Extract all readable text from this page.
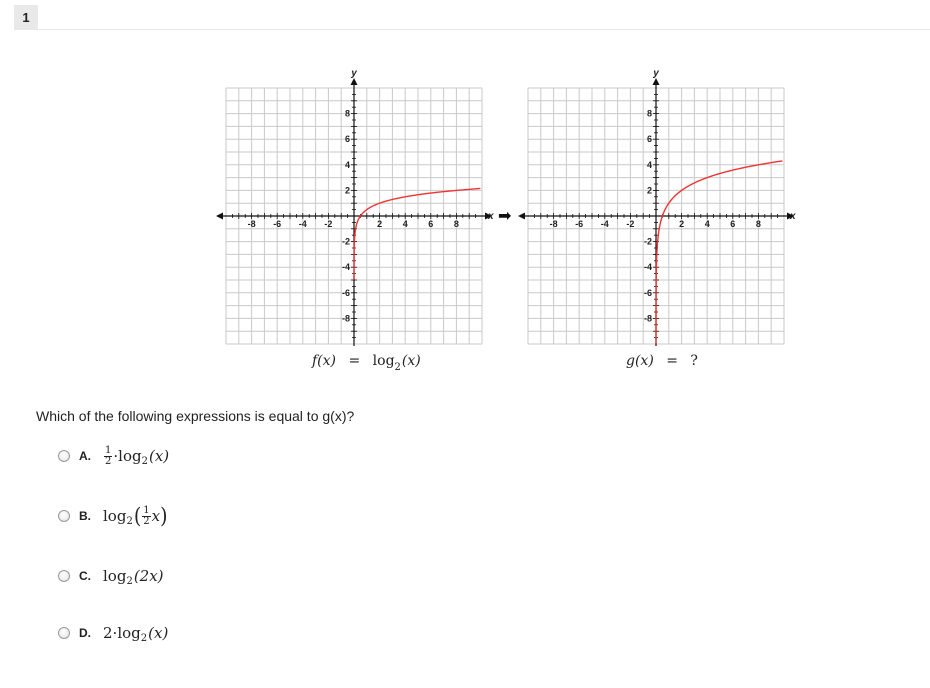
1
-8 -6 -4 -2	2 4 6 8
8
6
4
2
-2
-4
-6
-8
x
y
-8 -6 -4 -2	2 4 6 8
8
6
4
2
-2
-4
-6
-8
x
y
➡
$f(x) = \log_2(x)$	g(x) = ?
Which of the following expressions is equal to g(x)?
A.	$\frac{1}{2} \cdot \log 2$ (x)
B. log 2 ( $\frac{1}{2}$ x )
C. log 2 (2x)
D. 2 · log 2 (x)
